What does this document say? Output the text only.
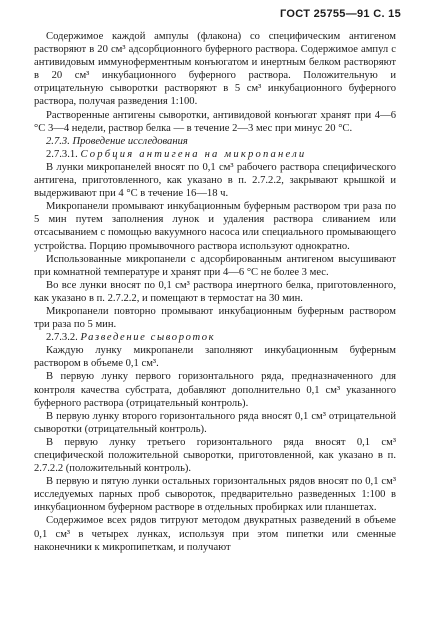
ГОСТ 25755—91 С. 15

Содержимое каждой ампулы (флакона) со специфическим антигеном растворяют в 20 см³ адсорбционного буферного раствора. Содержимое ампул с антивидовым иммуноферментным конъюгатом и инертным белком растворяют в 20 см³ инкубационного буферного раствора. Положительную и отрицательную сыворотки растворяют в 5 см³ инкубационного буферного раствора, получая разведения 1:100.

Растворенные антигены сыворотки, антивидовой конъюгат хранят при 4—6 °С 3—4 недели, раствор белка — в течение 2—3 мес при минус 20 °С.

2.7.3. Проведение исследования

2.7.3.1. Сорбция антигена на микропанели

В лунки микропанелей вносят по 0,1 см³ рабочего раствора специфического антигена, приготовленного, как указано в п. 2.7.2.2, закрывают крышкой и выдерживают при 4 °С в течение 16—18 ч.

Микропанели промывают инкубационным буферным раствором три раза по 5 мин путем заполнения лунок и удаления раствора сливанием или отсасыванием с помощью вакуумного насоса или специального промывающего устройства. Порцию промывочного раствора используют однократно.

Использованные микропанели с адсорбированным антигеном высушивают при комнатной температуре и хранят при 4—6 °С не более 3 мес.

Во все лунки вносят по 0,1 см³ раствора инертного белка, приготовленного, как указано в п. 2.7.2.2, и помещают в термостат на 30 мин.

Микропанели повторно промывают инкубационным буферным раствором три раза по 5 мин.

2.7.3.2. Разведение сывороток

Каждую лунку микропанели заполняют инкубационным буферным раствором в объеме 0,1 см³.

В первую лунку первого горизонтального ряда, предназначенного для контроля качества субстрата, добавляют дополнительно 0,1 см³ указанного буферного раствора (отрицательный контроль).

В первую лунку второго горизонтального ряда вносят 0,1 см³ отрицательной сыворотки (отрицательный контроль).

В первую лунку третьего горизонтального ряда вносят 0,1 см³ специфической положительной сыворотки, приготовленной, как указано в п. 2.7.2.2 (положительный контроль).

В первую и пятую лунки остальных горизонтальных рядов вносят по 0,1 см³ исследуемых парных проб сывороток, предварительно разведенных 1:100 в инкубационном буферном растворе в отдельных пробирках или планшетах.

Содержимое всех рядов титруют методом двукратных разведений в объеме 0,1 см³ в четырех лунках, используя при этом пипетки или сменные наконечники к микропипеткам, и получают
